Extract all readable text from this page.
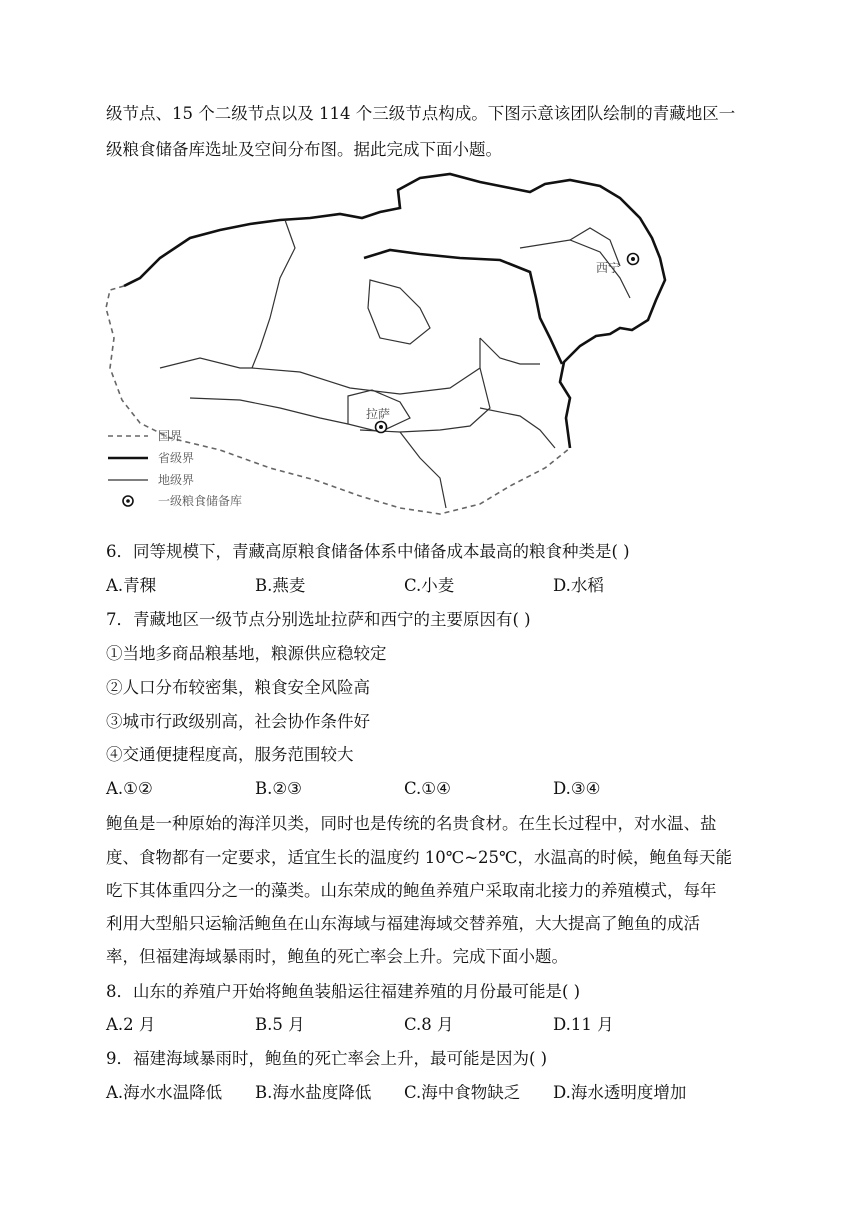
级节点、15 个二级节点以及 114 个三级节点构成。下图示意该团队绘制的青藏地区一
级粮食储备库选址及空间分布图。据此完成下面小题。
西宁
拉萨
国界
省级界
地级界
一级粮食储备库
6．同等规模下，青藏高原粮食储备体系中储备成本最高的粮食种类是( )
A.青稞	B.燕麦	C.小麦	D.水稻
7．青藏地区一级节点分别选址拉萨和西宁的主要原因有( )
①当地多商品粮基地，粮源供应稳较定
②人口分布较密集，粮食安全风险高
③城市行政级别高，社会协作条件好
④交通便捷程度高，服务范围较大
A.①②	B.②③	C.①④	D.③④
鲍鱼是一种原始的海洋贝类，同时也是传统的名贵食材。在生长过程中，对水温、盐
度、食物都有一定要求，适宜生长的温度约 10℃~25℃，水温高的时候，鲍鱼每天能
吃下其体重四分之一的藻类。山东荣成的鲍鱼养殖户采取南北接力的养殖模式，每年
利用大型船只运输活鲍鱼在山东海域与福建海域交替养殖，大大提高了鲍鱼的成活
率，但福建海域暴雨时，鲍鱼的死亡率会上升。完成下面小题。
8．山东的养殖户开始将鲍鱼装船运往福建养殖的月份最可能是( )
A.2 月	B.5 月	C.8 月	D.11 月
9．福建海域暴雨时，鲍鱼的死亡率会上升，最可能是因为( )
A.海水水温降低 B.海水盐度降低 C.海中食物缺乏 D.海水透明度增加
